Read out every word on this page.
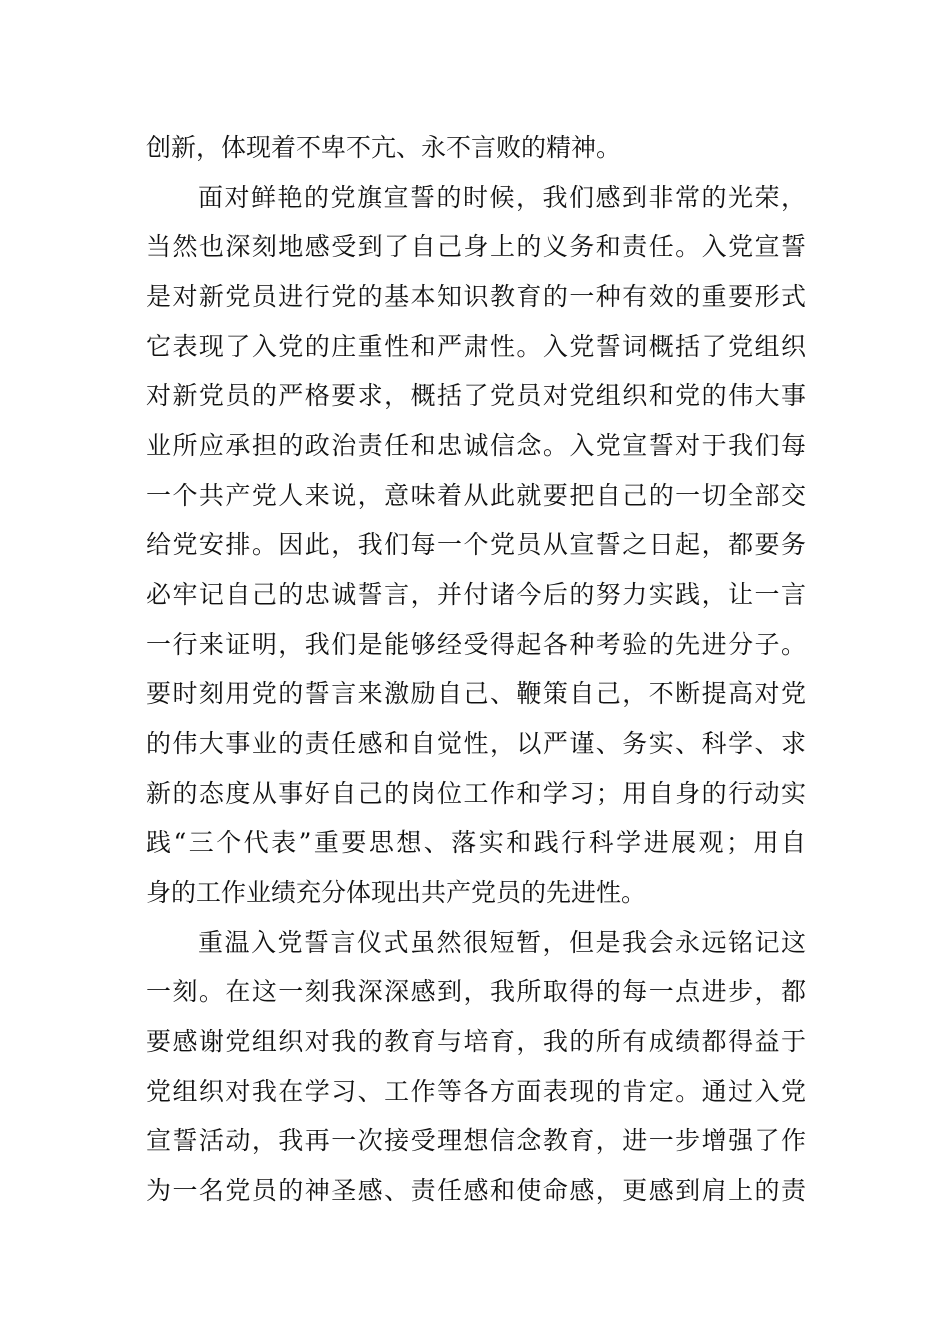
创新，体现着不卑不亢、永不言败的精神。
面对鲜艳的党旗宣誓的时候，我们感到非常的光荣，
当然也深刻地感受到了自己身上的义务和责任。入党宣誓
是对新党员进行党的基本知识教育的一种有效的重要形式
它表现了入党的庄重性和严肃性。入党誓词概括了党组织
对新党员的严格要求，概括了党员对党组织和党的伟大事
业所应承担的政治责任和忠诚信念。入党宣誓对于我们每
一个共产党人来说，意味着从此就要把自己的一切全部交
给党安排。因此，我们每一个党员从宣誓之日起，都要务
必牢记自己的忠诚誓言，并付诸今后的努力实践，让一言
一行来证明，我们是能够经受得起各种考验的先进分子。
要时刻用党的誓言来激励自己、鞭策自己，不断提高对党
的伟大事业的责任感和自觉性，以严谨、务实、科学、求
新的态度从事好自己的岗位工作和学习；用自身的行动实
践“三个代表”重要思想、落实和践行科学进展观；用自
身的工作业绩充分体现出共产党员的先进性。
重温入党誓言仪式虽然很短暂，但是我会永远铭记这
一刻。在这一刻我深深感到，我所取得的每一点进步，都
要感谢党组织对我的教育与培育，我的所有成绩都得益于
党组织对我在学习、工作等各方面表现的肯定。通过入党
宣誓活动，我再一次接受理想信念教育，进一步增强了作
为一名党员的神圣感、责任感和使命感，更感到肩上的责
